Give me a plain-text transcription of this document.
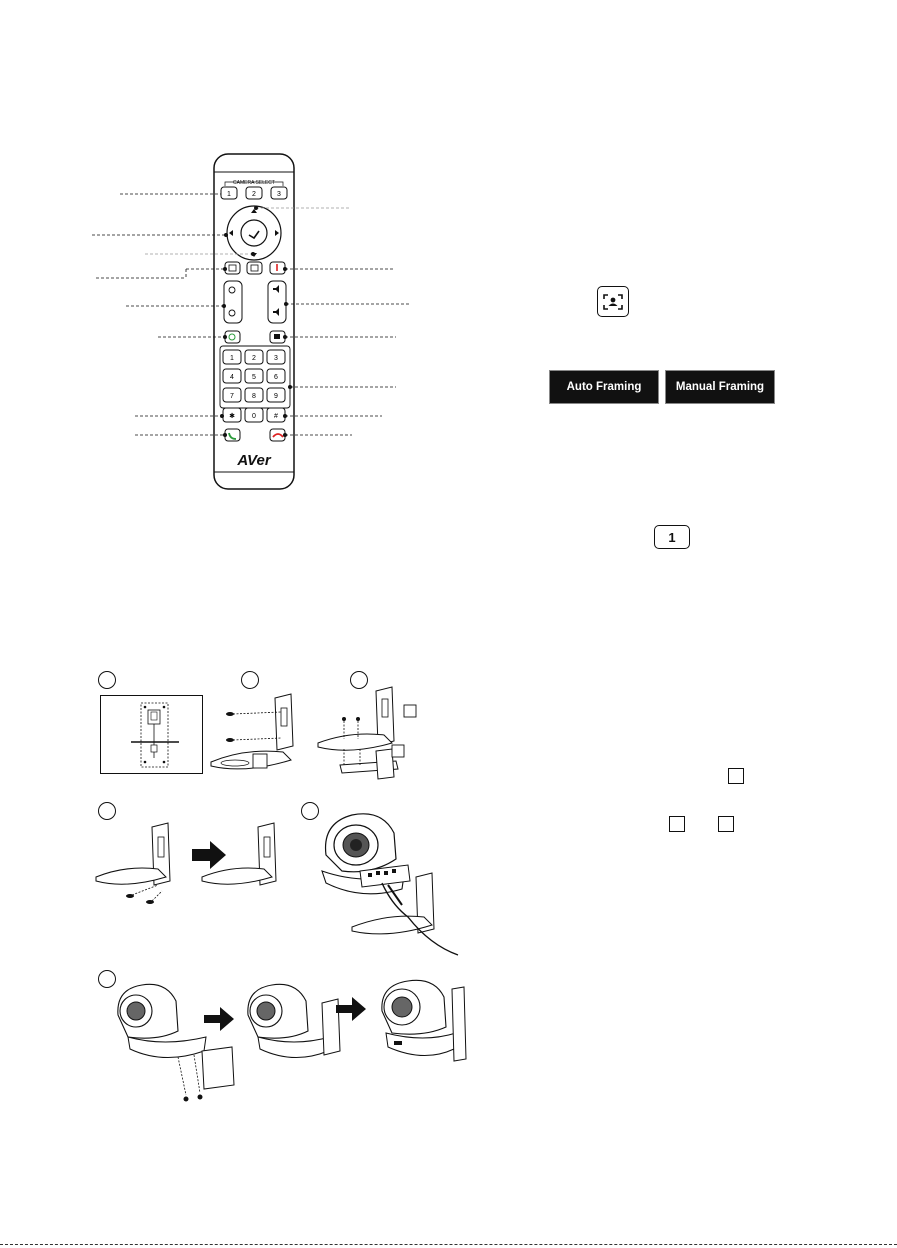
CAMERA SELECT
1	2	3
1	2	3
4	5	6
7	8	9
✱ 0	#
AVer
Auto Framing	Manual Framing
1
